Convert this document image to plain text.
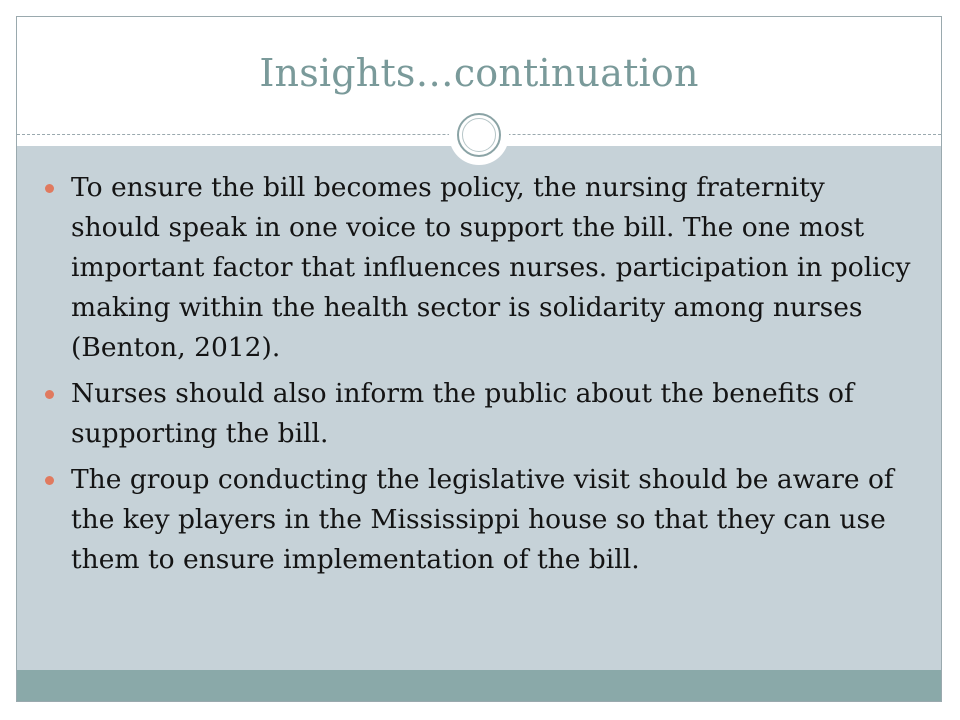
Insights…continuation
To ensure the bill becomes policy, the nursing fraternity should speak in one voice to support the bill. The one most important factor that influences nurses. participation in policy making within the health sector is solidarity among nurses (Benton, 2012).
Nurses should also inform the public about the benefits of supporting the bill.
The group conducting the legislative visit should be aware of the key players in the Mississippi house so that they can use them to ensure implementation of the bill.
